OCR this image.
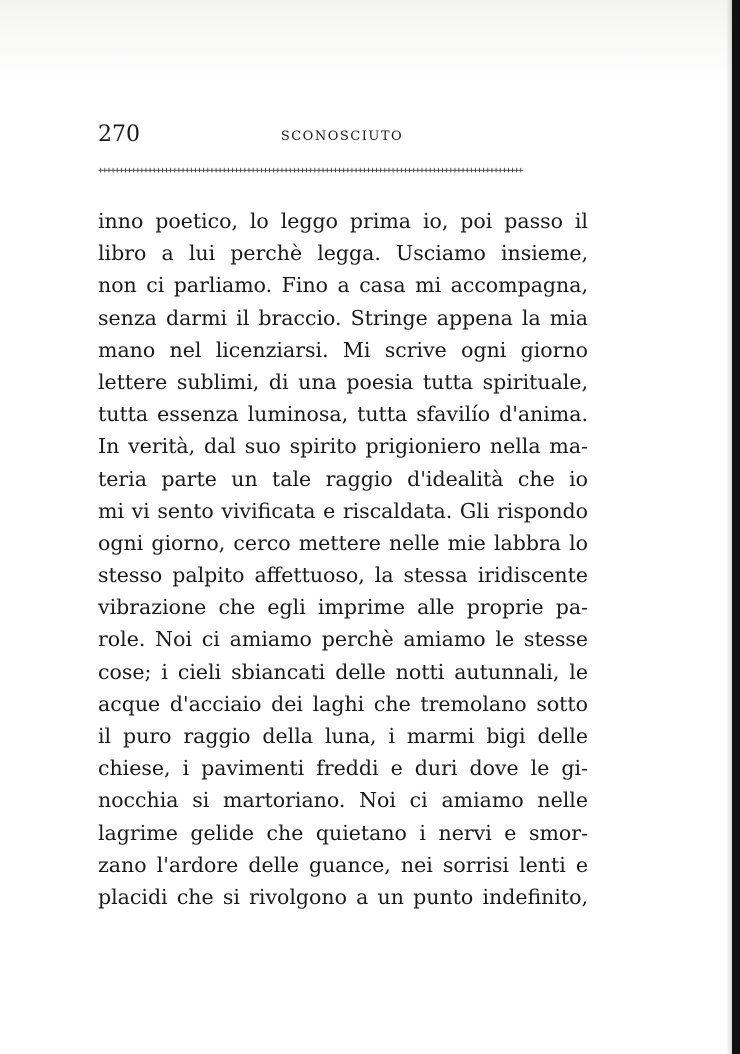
270	SCONOSCIUTO
+++++++++++++++++++++++++++++++++++++++++++++++++++++++++++++++++++++++++++++++++++++++++++++++++++++++
inno poetico, lo leggo prima io, poi passo il
libro a lui perchè legga. Usciamo insieme,
non ci parliamo. Fino a casa mi accompagna,
senza darmi il braccio. Stringe appena la mia
mano nel licenziarsi. Mi scrive ogni giorno
lettere sublimi, di una poesia tutta spirituale,
tutta essenza luminosa, tutta sfavilío d'anima.
In verità, dal suo spirito prigioniero nella ma-
teria parte un tale raggio d'idealità che io
mi vi sento vivificata e riscaldata. Gli rispondo
ogni giorno, cerco mettere nelle mie labbra lo
stesso palpito affettuoso, la stessa iridiscente
vibrazione che egli imprime alle proprie pa-
role. Noi ci amiamo perchè amiamo le stesse
cose; i cieli sbiancati delle notti autunnali, le
acque d'acciaio dei laghi che tremolano sotto
il puro raggio della luna, i marmi bigi delle
chiese, i pavimenti freddi e duri dove le gi-
nocchia si martoriano. Noi ci amiamo nelle
lagrime gelide che quietano i nervi e smor-
zano l'ardore delle guance, nei sorrisi lenti e
placidi che si rivolgono a un punto indefinito,
